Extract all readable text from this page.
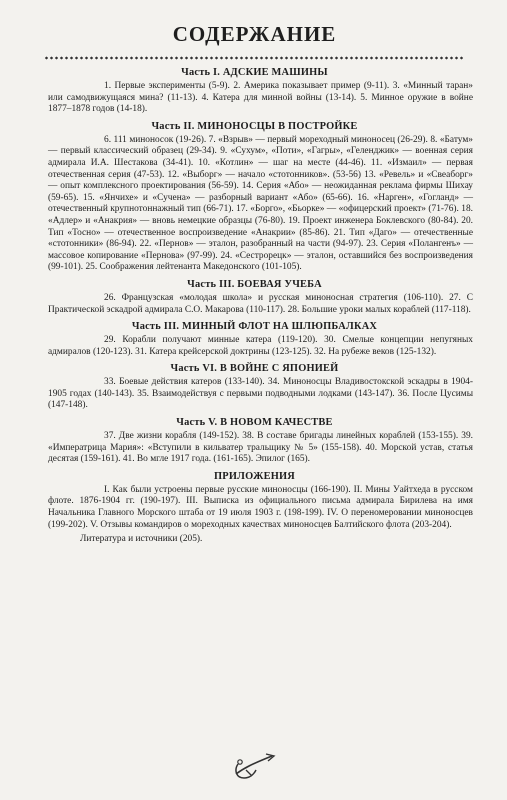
СОДЕРЖАНИЕ
Часть I. АДСКИЕ МАШИНЫ

1. Первые эксперименты (5-9). 2. Америка показывает пример (9-11). 3. «Минный таран» или самодвижущаяся мина? (11-13). 4. Катера для минной войны (13-14). 5. Минное оружие в войне 1877–1878 годов (14-18).

Часть II. МИНОНОСЦЫ В ПОСТРОЙКЕ

6. 111 миноносок (19-26). 7. «Взрыв» — первый мореходный миноносец (26-29). 8. «Батум» — первый классический образец (29-34). 9. «Сухум», «Поти», «Гагры», «Геленджик» — военная серия адмирала И.А. Шестакова (34-41). 10. «Котлин» — шаг на месте (44-46). 11. «Измаил» — первая отечественная серия (47-53). 12. «Выборг» — начало «стотонников». (53-56) 13. «Ревель» и «Свеаборг» — опыт комплексного проектирования (56-59). 14. Серия «Або» — неожиданная реклама фирмы Шихау (59-65). 15. «Янчихе» и «Сучена» — разборный вариант «Або» (65-66). 16. «Нарген», «Гогланд» — отечественный крупнотоннажный тип (66-71). 17. «Борго», «Бьорке» — «офицерский проект» (71-76). 18. «Адлер» и «Анакрия» — вновь немецкие образцы (76-80). 19. Проект инженера Боклевского (80-84). 20. Тип «Тосно» — отечественное воспроизведение «Анакрии» (85-86). 21. Тип «Даго» — отечественные «стотонники» (86-94). 22. «Пернов» — эталон, разобранный на части (94-97). 23. Серия «Полангенъ» — массовое копирование «Пернова» (97-99). 24. «Сестрорецк» — эталон, оставшийся без воспроизведения (99-101). 25. Соображения лейтенанта Македонского (101-105).

Часть III. БОЕВАЯ УЧЕБА

26. Французская «молодая школа» и русская миноносная стратегия (106-110). 27. С Практической эскадрой адмирала С.О. Макарова (110-117). 28. Большие уроки малых кораблей (117-118).

Часть III. МИННЫЙ ФЛОТ НА ШЛЮПБАЛКАХ

29. Корабли получают минные катера (119-120). 30. Смелые концепции непугяных адмиралов (120-123). 31. Катера крейсерской доктрины (123-125). 32. На рубеже веков (125-132).

Часть VI. В ВОЙНЕ С ЯПОНИЕЙ

33. Боевые действия катеров (133-140). 34. Миноносцы Владивостокской эскадры в 1904-1905 годах (140-143). 35. Взаимодействуя с первыми подводными лодками (143-147). 36. После Цусимы (147-148).

Часть V. В НОВОМ КАЧЕСТВЕ

37. Две жизни корабля (149-152). 38. В составе бригады линейных кораблей (153-155). 39. «Императрица Мария»: «Вступили в кильватер тральщику № 5» (155-158). 40. Морской устав, статья десятая (159-161). 41. Во мгле 1917 года. (161-165). Эпилог (165).

ПРИЛОЖЕНИЯ

I. Как были устроены первые русские миноносцы (166-190). II. Мины Уайтхеда в русском флоте. 1876-1904 гг. (190-197). III. Выписка из официального письма адмирала Бирилева на имя Начальника Главного Морского штаба от 19 июля 1903 г. (198-199). IV. О переномеровании миноносцев (199-202). V. Отзывы командиров о мореходных качествах миноносцев Балтийского флота (203-204).

Литература и источники (205).
